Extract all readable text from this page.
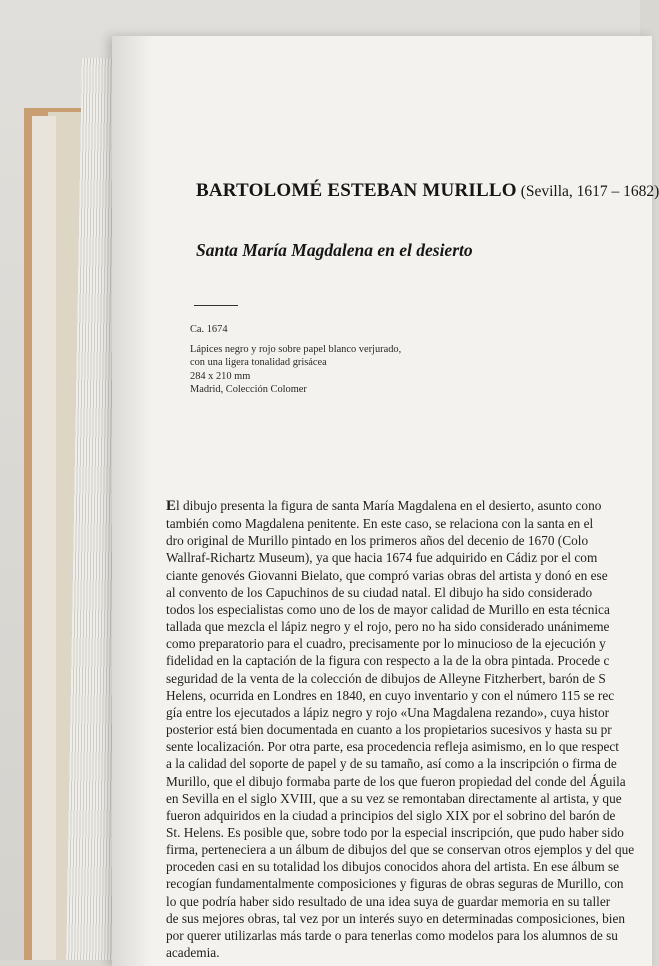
BARTOLOMÉ ESTEBAN MURILLO (Sevilla, 1617 – 1682)
Santa María Magdalena en el desierto
Ca. 1674
Lápices negro y rojo sobre papel blanco verjurado,
con una ligera tonalidad grisácea
284 x 210 mm
Madrid, Colección Colomer
El dibujo presenta la figura de santa María Magdalena en el desierto, asunto cono
también como Magdalena penitente. En este caso, se relaciona con la santa en el
dro original de Murillo pintado en los primeros años del decenio de 1670 (Colo
Wallraf-Richartz Museum), ya que hacia 1674 fue adquirido en Cádiz por el com
ciante genovés Giovanni Bielato, que compró varias obras del artista y donó en ese
al convento de los Capuchinos de su ciudad natal. El dibujo ha sido considerado
todos los especialistas como uno de los de mayor calidad de Murillo en esta técnica
tallada que mezcla el lápiz negro y el rojo, pero no ha sido considerado unánimeme
como preparatorio para el cuadro, precisamente por lo minucioso de la ejecución y
fidelidad en la captación de la figura con respecto a la de la obra pintada. Procede c
seguridad de la venta de la colección de dibujos de Alleyne Fitzherbert, barón de S
Helens, ocurrida en Londres en 1840, en cuyo inventario y con el número 115 se rec
gía entre los ejecutados a lápiz negro y rojo «Una Magdalena rezando», cuya histor
posterior está bien documentada en cuanto a los propietarios sucesivos y hasta su pr
sente localización. Por otra parte, esa procedencia refleja asimismo, en lo que respect
a la calidad del soporte de papel y de su tamaño, así como a la inscripción o firma de
Murillo, que el dibujo formaba parte de los que fueron propiedad del conde del Águila
en Sevilla en el siglo XVIII, que a su vez se remontaban directamente al artista, y que
fueron adquiridos en la ciudad a principios del siglo XIX por el sobrino del barón de
St. Helens. Es posible que, sobre todo por la especial inscripción, que pudo haber sido
firma, perteneciera a un álbum de dibujos del que se conservan otros ejemplos y del que
proceden casi en su totalidad los dibujos conocidos ahora del artista. En ese álbum se
recogían fundamentalmente composiciones y figuras de obras seguras de Murillo, con
lo que podría haber sido resultado de una idea suya de guardar memoria en su taller
de sus mejores obras, tal vez por un interés suyo en determinadas composiciones, bien
por querer utilizarlas más tarde o para tenerlas como modelos para los alumnos de su
academia.
